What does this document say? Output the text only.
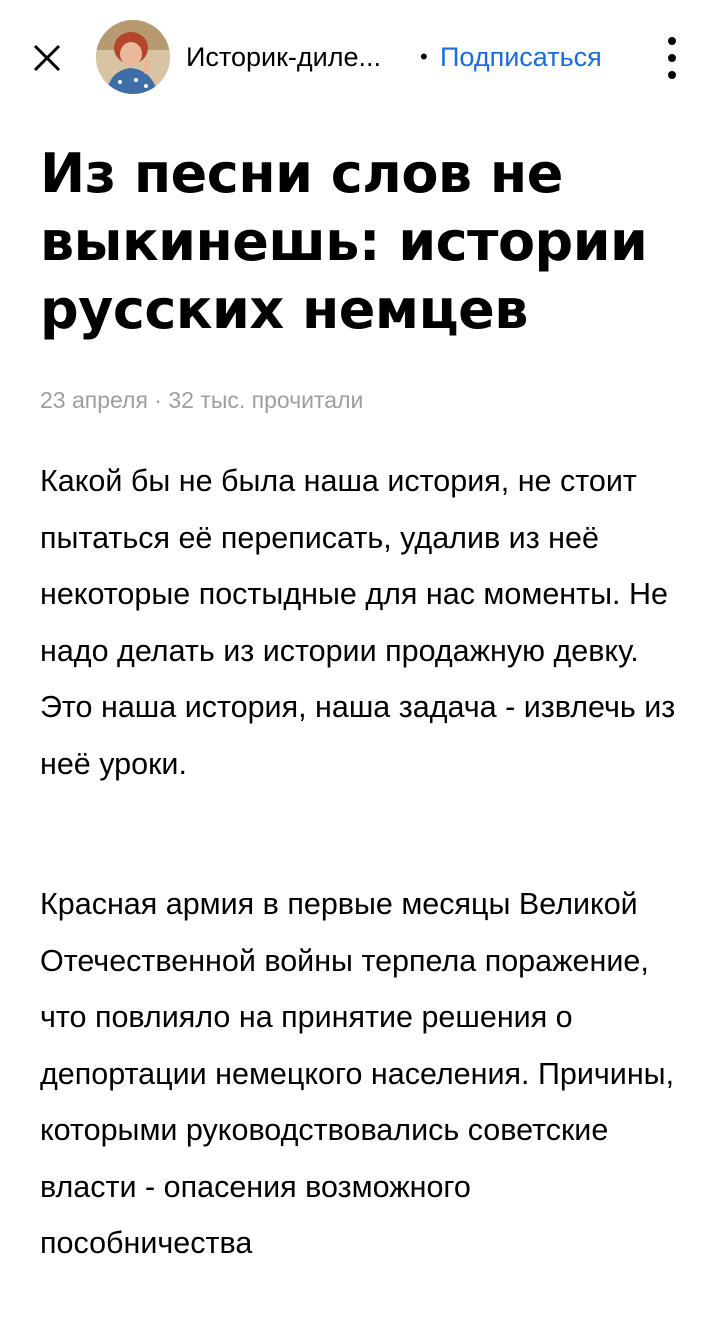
Историк-диле... • Подписаться
Из песни слов не выкинешь: истории русских немцев
23 апреля · 32 тыс. прочитали

Какой бы не была наша история, не стоит пытаться её переписать, удалив из неё некоторые постыдные для нас моменты. Не надо делать из истории продажную девку. Это наша история, наша задача - извлечь из неё уроки.

Красная армия в первые месяцы Великой Отечественной войны терпела поражение, что повлияло на принятие решения о депортации немецкого населения. Причины, которыми руководствовались советские власти - опасения возможного пособничества
